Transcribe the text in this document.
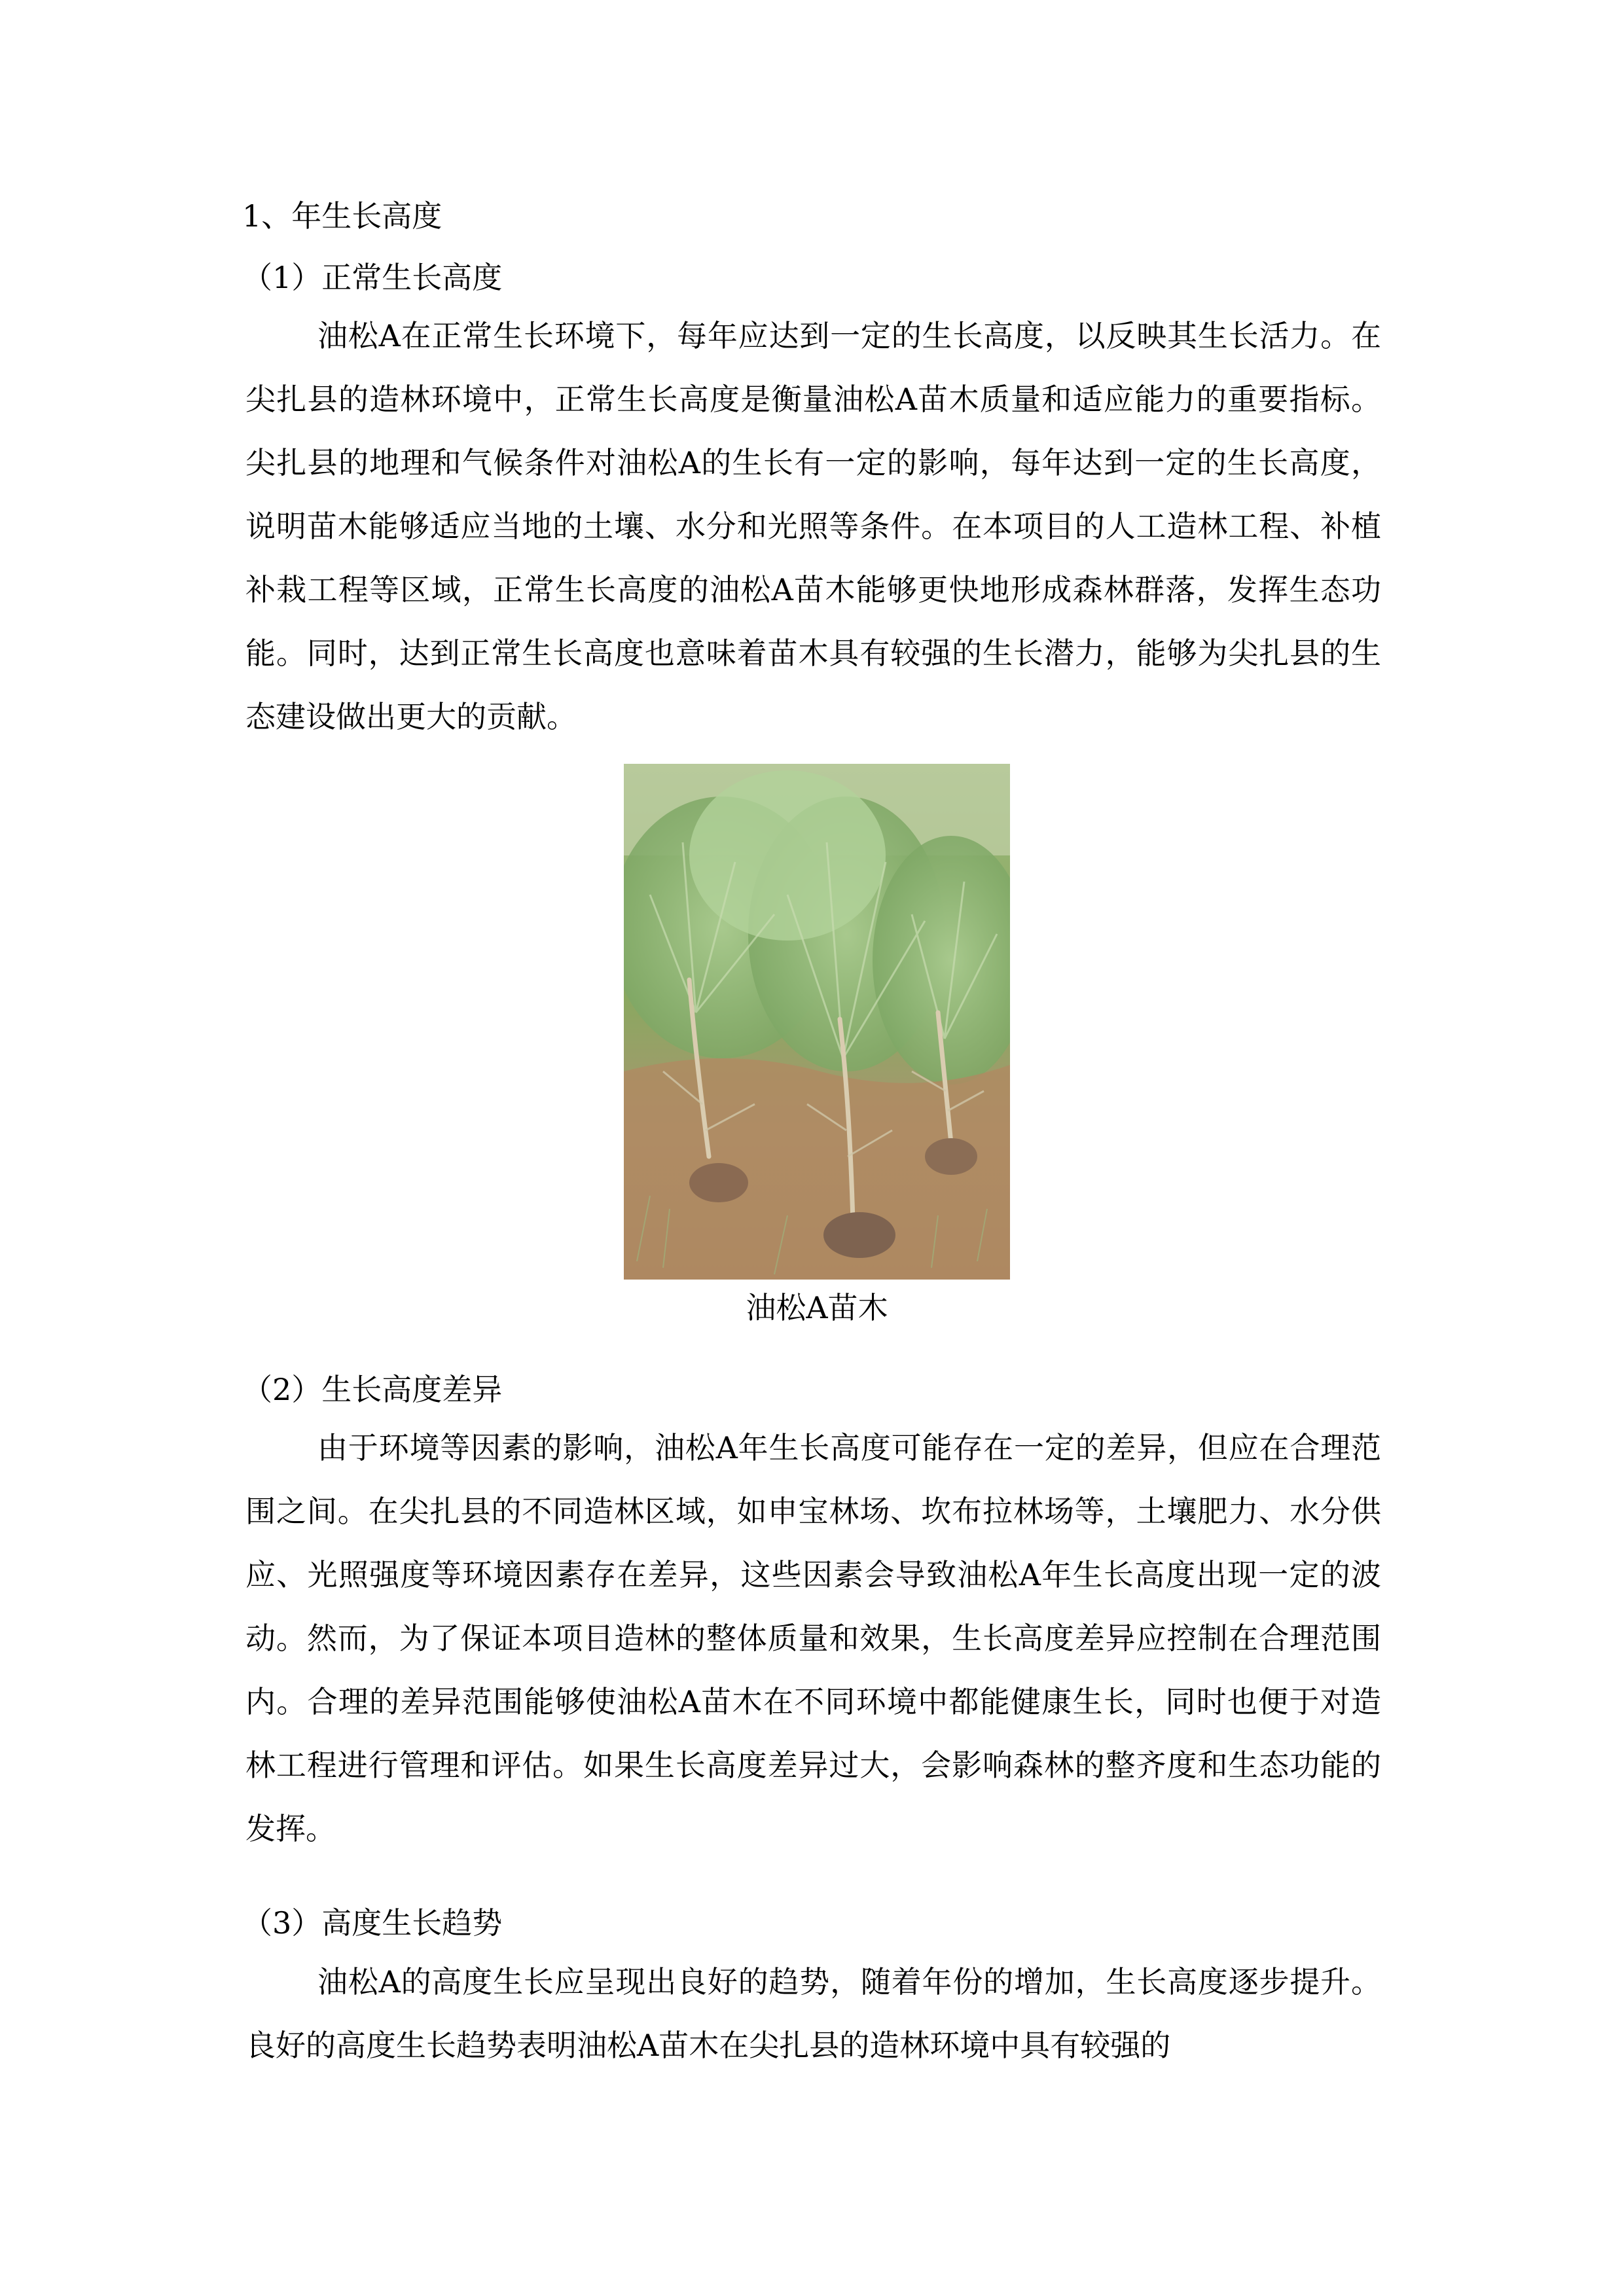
1、年生长高度
（1）正常生长高度

油松A在正常生长环境下，每年应达到一定的生长高度，以反映其生长活力。在尖扎县的造林环境中，正常生长高度是衡量油松A苗木质量和适应能力的重要指标。尖扎县的地理和气候条件对油松A的生长有一定的影响，每年达到一定的生长高度，说明苗木能够适应当地的土壤、水分和光照等条件。在本项目的人工造林工程、补植补栽工程等区域，正常生长高度的油松A苗木能够更快地形成森林群落，发挥生态功能。同时，达到正常生长高度也意味着苗木具有较强的生长潜力，能够为尖扎县的生态建设做出更大的贡献。

油松A苗木
（2）生长高度差异

由于环境等因素的影响，油松A年生长高度可能存在一定的差异，但应在合理范围之间。在尖扎县的不同造林区域，如申宝林场、坎布拉林场等，土壤肥力、水分供应、光照强度等环境因素存在差异，这些因素会导致油松A年生长高度出现一定的波动。然而，为了保证本项目造林的整体质量和效果，生长高度差异应控制在合理范围内。合理的差异范围能够使油松A苗木在不同环境中都能健康生长，同时也便于对造林工程进行管理和评估。如果生长高度差异过大，会影响森林的整齐度和生态功能的发挥。

（3）高度生长趋势

油松A的高度生长应呈现出良好的趋势，随着年份的增加，生长高度逐步提升。良好的高度生长趋势表明油松A苗木在尖扎县的造林环境中具有较强的
